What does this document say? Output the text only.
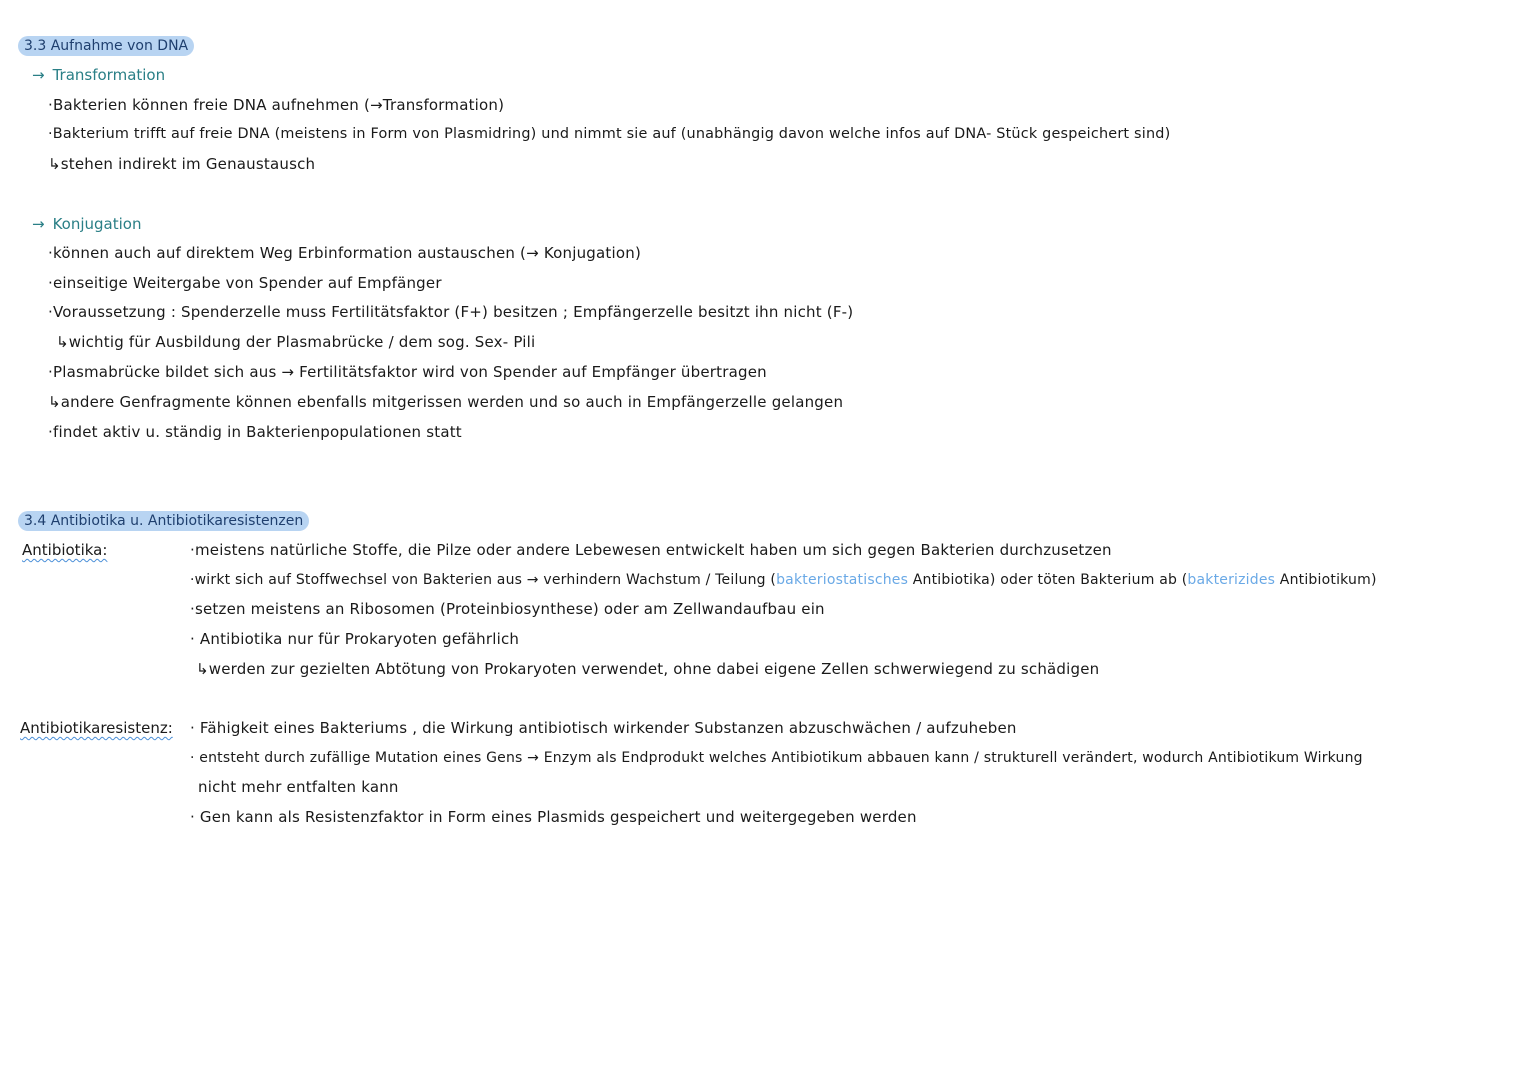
3.3 Aufnahme von DNA
→ Transformation
·Bakterien können freie DNA aufnehmen (→Transformation)
·Bakterium trifft auf freie DNA (meistens in Form von Plasmidring) und nimmt sie auf (unabhängig davon welche infos auf DNA- Stück gespeichert sind)
↳stehen indirekt im Genaustausch
→ Konjugation
·können auch auf direktem Weg Erbinformation austauschen (→ Konjugation)
·einseitige Weitergabe von Spender auf Empfänger
·Voraussetzung : Spenderzelle muss Fertilitätsfaktor (F+) besitzen ; Empfängerzelle besitzt ihn nicht (F-)
↳wichtig für Ausbildung der Plasmabrücke / dem sog. Sex- Pili
·Plasmabrücke bildet sich aus → Fertilitätsfaktor wird von Spender auf Empfänger übertragen
↳andere Genfragmente können ebenfalls mitgerissen werden und so auch in Empfängerzelle gelangen
·findet aktiv u. ständig in Bakterienpopulationen statt
3.4 Antibiotika u. Antibiotikaresistenzen
Antibiotika:	·meistens natürliche Stoffe, die Pilze oder andere Lebewesen entwickelt haben um sich gegen Bakterien durchzusetzen
·wirkt sich auf Stoffwechsel von Bakterien aus → verhindern Wachstum / Teilung (bakteriostatisches Antibiotika) oder töten Bakterium ab (bakterizides Antibiotikum)
·setzen meistens an Ribosomen (Proteinbiosynthese) oder am Zellwandaufbau ein
· Antibiotika nur für Prokaryoten gefährlich
↳werden zur gezielten Abtötung von Prokaryoten verwendet, ohne dabei eigene Zellen schwerwiegend zu schädigen
Antibiotikaresistenz: · Fähigkeit eines Bakteriums , die Wirkung antibiotisch wirkender Substanzen abzuschwächen / aufzuheben
· entsteht durch zufällige Mutation eines Gens → Enzym als Endprodukt welches Antibiotikum abbauen kann / strukturell verändert, wodurch Antibiotikum Wirkung
nicht mehr entfalten kann
· Gen kann als Resistenzfaktor in Form eines Plasmids gespeichert und weitergegeben werden
